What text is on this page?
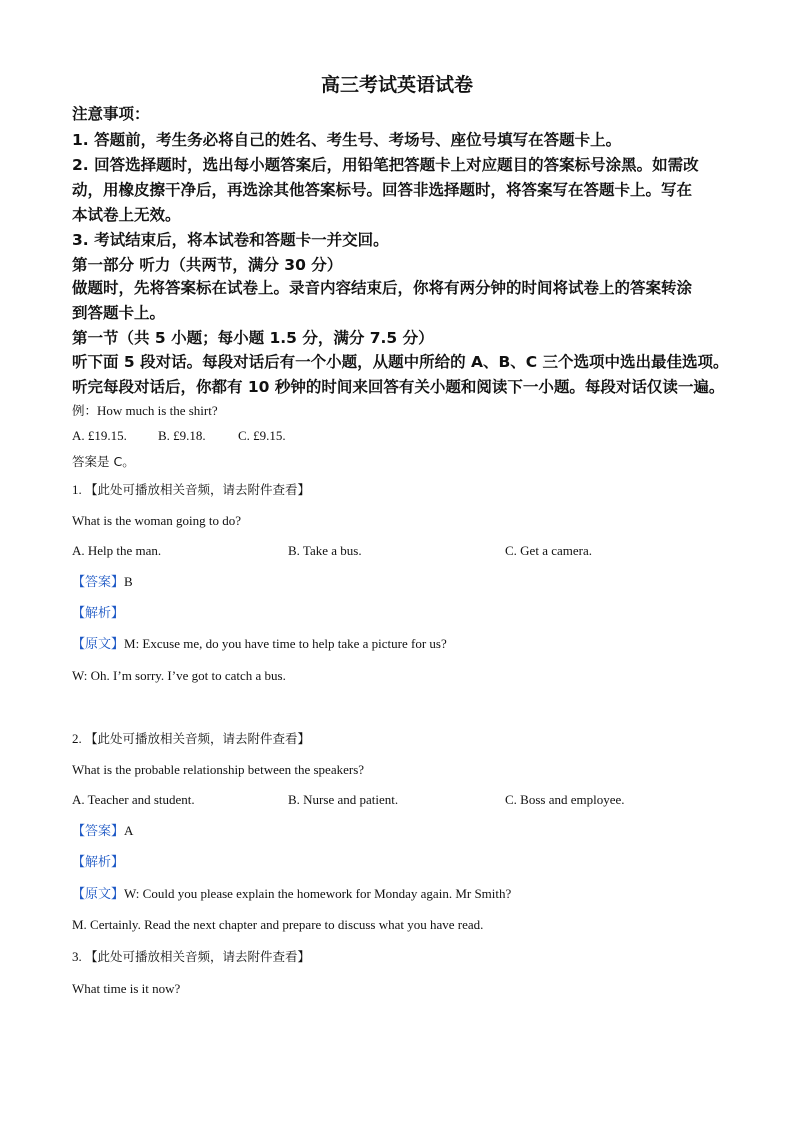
高三考试英语试卷
注意事项：
1. 答题前，考生务必将自己的姓名、考生号、考场号、座位号填写在答题卡上。
2. 回答选择题时，选出每小题答案后，用铅笔把答题卡上对应题目的答案标号涂黑。如需改
动，用橡皮擦干净后，再选涂其他答案标号。回答非选择题时，将答案写在答题卡上。写在
本试卷上无效。
3. 考试结束后，将本试卷和答题卡一并交回。
第一部分 听力（共两节，满分 30 分）
做题时，先将答案标在试卷上。录音内容结束后，你将有两分钟的时间将试卷上的答案转涂
到答题卡上。
第一节（共 5 小题；每小题 1.5 分，满分 7.5 分）
听下面 5 段对话。每段对话后有一个小题，从题中所给的 A、B、C 三个选项中选出最佳选项。
听完每段对话后，你都有 10 秒钟的时间来回答有关小题和阅读下一小题。每段对话仅读一遍。
例：How much is the shirt?
A. £19.15. B. £9.18. C. £9.15.
答案是 C。
1. 【此处可播放相关音频，请去附件查看】
What is the woman going to do?
A. Help the man.	B. Take a bus.	C. Get a camera.
【答案】B
【解析】
【原文】M: Excuse me, do you have time to help take a picture for us?
W: Oh. I’m sorry. I’ve got to catch a bus.
2. 【此处可播放相关音频，请去附件查看】
What is the probable relationship between the speakers?
A. Teacher and student.	B. Nurse and patient.	C. Boss and employee.
【答案】A
【解析】
【原文】W: Could you please explain the homework for Monday again. Mr Smith?
M. Certainly. Read the next chapter and prepare to discuss what you have read.
3. 【此处可播放相关音频，请去附件查看】
What time is it now?
